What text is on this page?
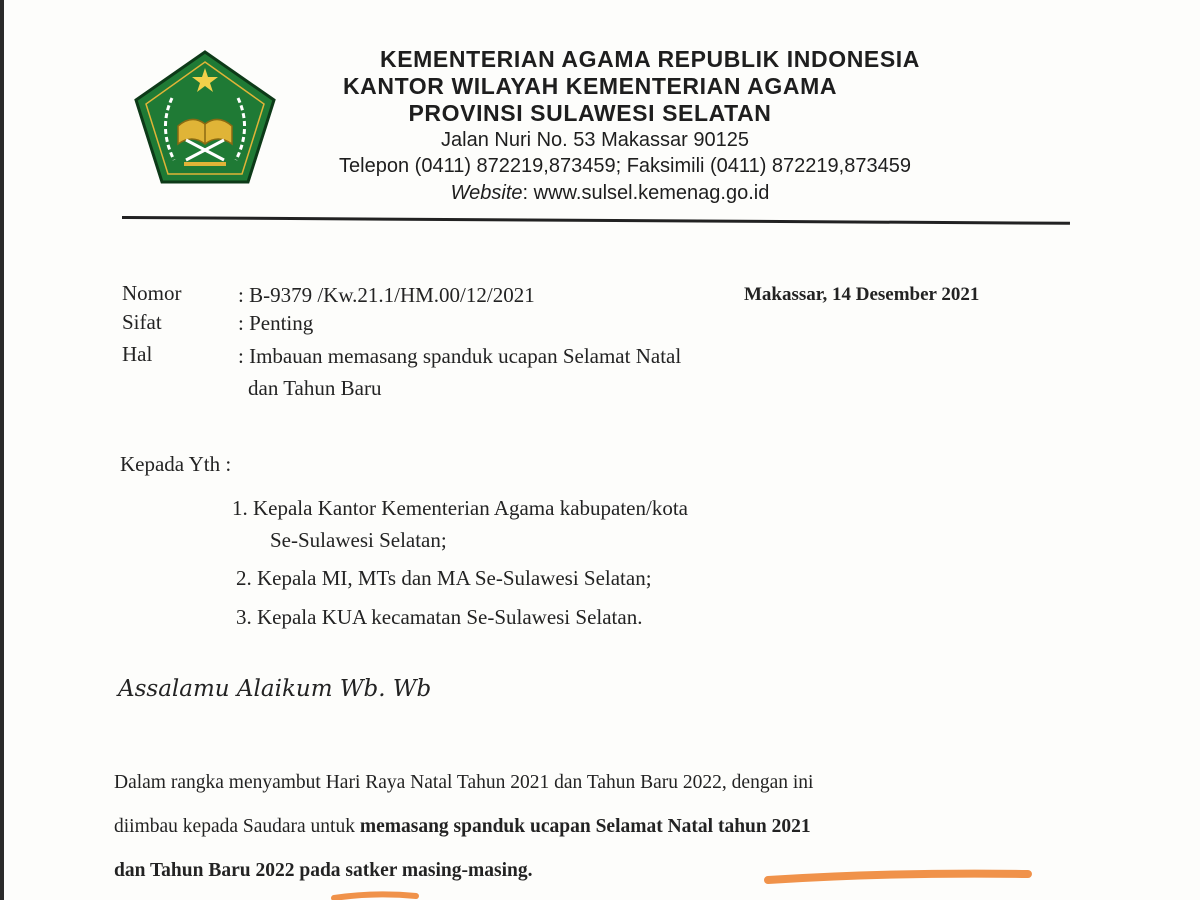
KEMENTERIAN AGAMA REPUBLIK INDONESIA
KANTOR WILAYAH KEMENTERIAN AGAMA
PROVINSI SULAWESI SELATAN
Jalan Nuri No. 53 Makassar 90125
Telepon (0411) 872219,873459; Faksimili (0411) 872219,873459
Website: www.sulsel.kemenag.go.id
Nomor	: B-9379 /Kw.21.1/HM.00/12/2021
Sifat	: Penting
Hal	: Imbauan memasang spanduk ucapan Selamat Natal
dan Tahun Baru
Makassar, 14 Desember 2021
Kepada Yth :
1. Kepala Kantor Kementerian Agama kabupaten/kota
Se-Sulawesi Selatan;
2. Kepala MI, MTs dan MA Se-Sulawesi Selatan;
3. Kepala KUA kecamatan Se-Sulawesi Selatan.
Assalamu Alaikum Wb. Wb
Dalam rangka menyambut Hari Raya Natal Tahun 2021 dan Tahun Baru 2022, dengan ini
diimbau kepada Saudara untuk memasang spanduk ucapan Selamat Natal tahun 2021
dan Tahun Baru 2022 pada satker masing-masing.
